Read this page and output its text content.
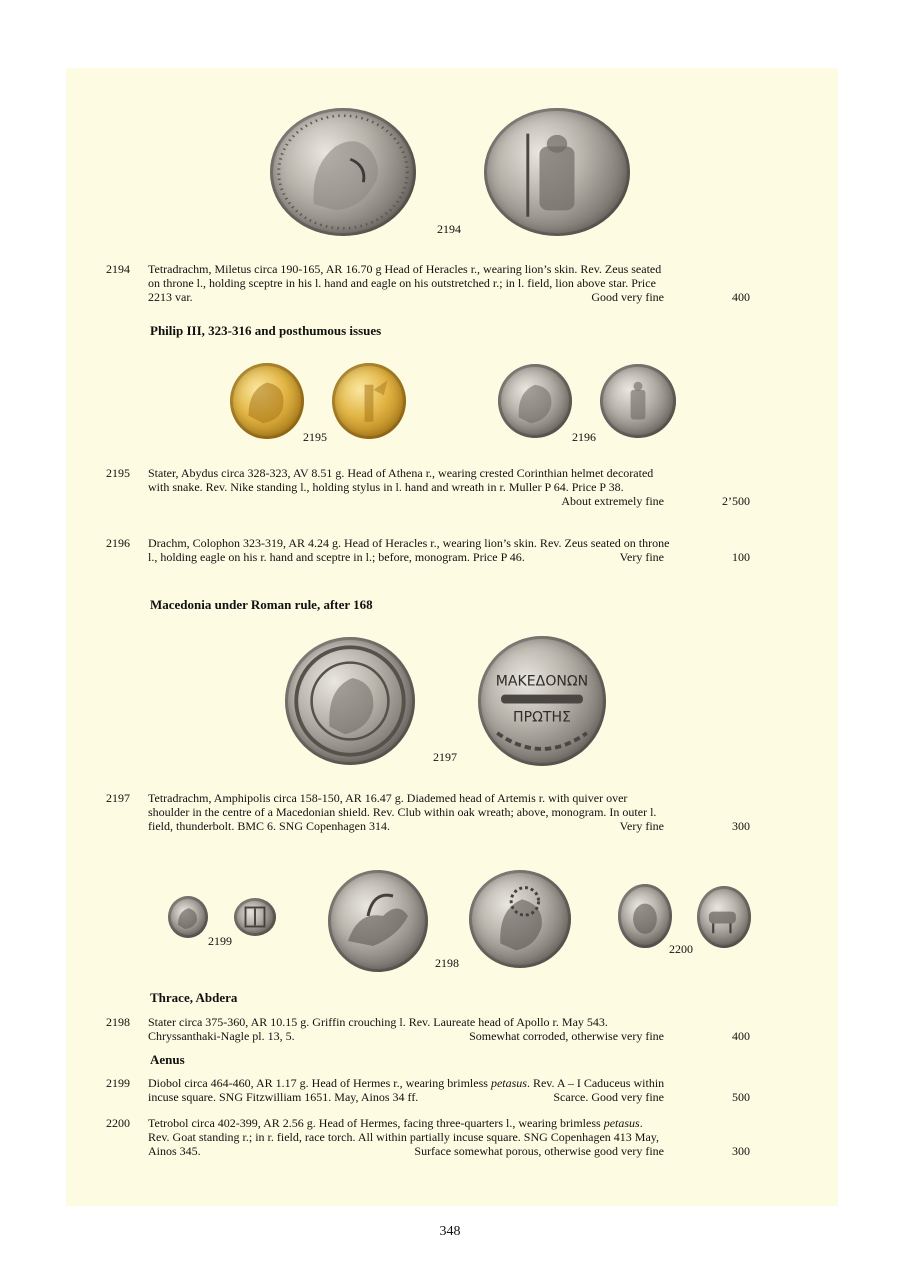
2194
2194	Tetradrachm, Miletus circa 190-165, AR 16.70 g Head of Heracles r., wearing lion’s skin. Rev. Zeus seated
on throne l., holding sceptre in his l. hand and eagle on his outstretched r.; in l. field, lion above star. Price
2213 var.	Good very fine	400
Philip III, 323-316 and posthumous issues
2195	2196
2195	Stater, Abydus circa 328-323, AV 8.51 g. Head of Athena r., wearing crested Corinthian helmet decorated
with snake. Rev. Nike standing l., holding stylus in l. hand and wreath in r. Muller P 64. Price P 38.
About extremely fine	2’500
2196	Drachm, Colophon 323-319, AR 4.24 g. Head of Heracles r., wearing lion’s skin. Rev. Zeus seated on throne
l., holding eagle on his r. hand and sceptre in l.; before, monogram. Price P 46.	Very fine	100
Macedonia under Roman rule, after 168
ΜΑΚΕΔΟΝΩΝ
ΠΡΩΤΗΣ
2197
2197	Tetradrachm, Amphipolis circa 158-150, AR 16.47 g. Diademed head of Artemis r. with quiver over
shoulder in the centre of a Macedonian shield. Rev. Club within oak wreath; above, monogram. In outer l.
field, thunderbolt. BMC 6. SNG Copenhagen 314.	Very fine	300
2199
2198
2200
Thrace, Abdera
2198	Stater circa 375-360, AR 10.15 g. Griffin crouching l. Rev. Laureate head of Apollo r. May 543.
Chryssanthaki-Nagle pl. 13, 5.	Somewhat corroded, otherwise very fine	400
Aenus
2199	Diobol circa 464-460, AR 1.17 g. Head of Hermes r., wearing brimless petasus. Rev. A – I Caduceus within
incuse square. SNG Fitzwilliam 1651. May, Ainos 34 ff.	Scarce. Good very fine	500
2200	Tetrobol circa 402-399, AR 2.56 g. Head of Hermes, facing three-quarters l., wearing brimless petasus.
Rev. Goat standing r.; in r. field, race torch. All within partially incuse square. SNG Copenhagen 413 May,
Ainos 345.	Surface somewhat porous, otherwise good very fine	300
348
